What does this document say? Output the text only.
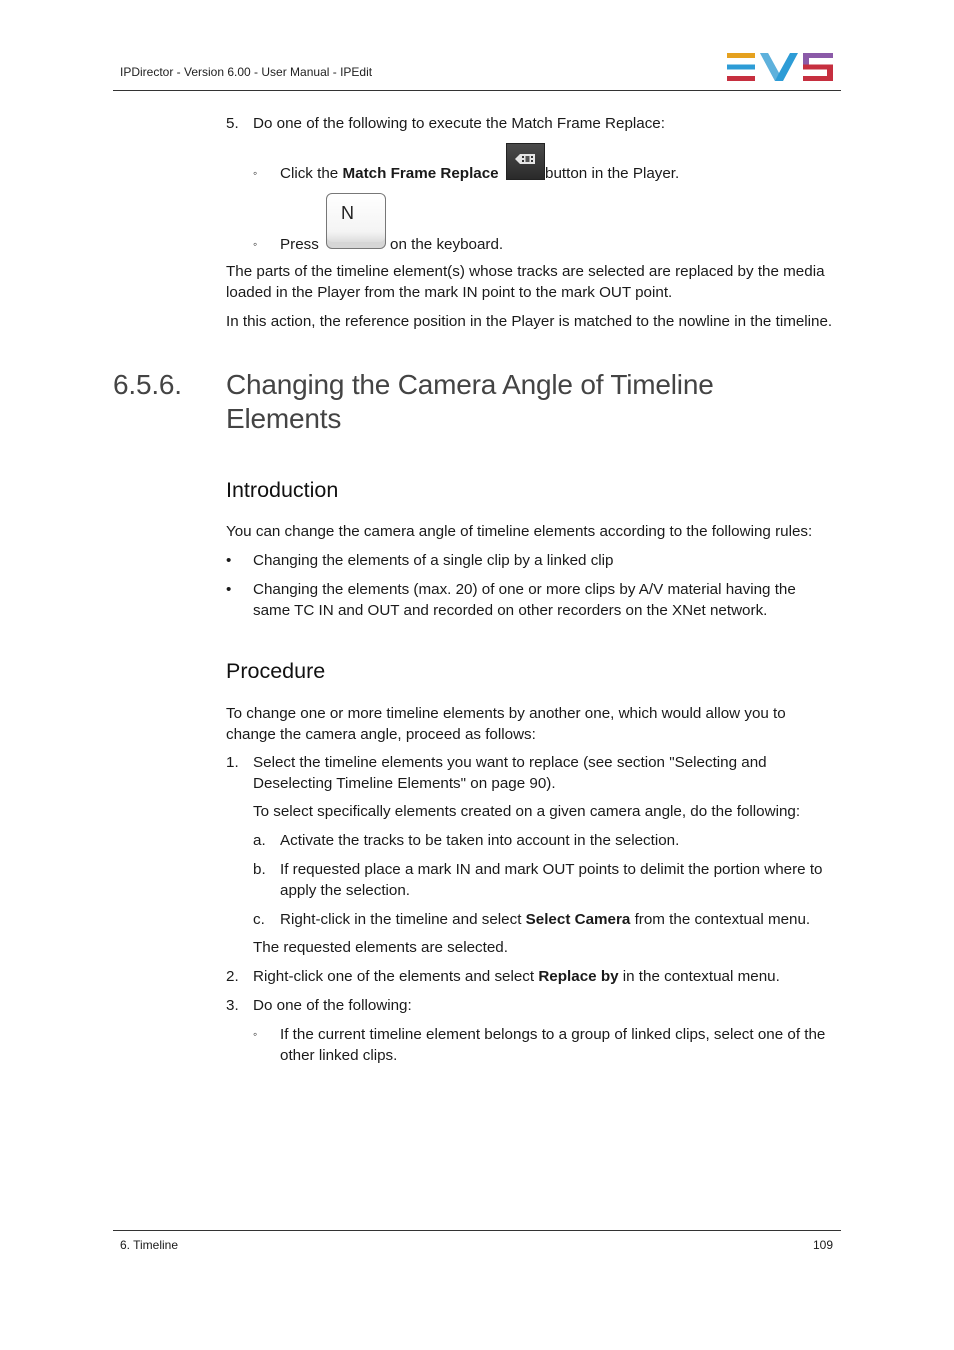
IPDirector - Version 6.00 - User Manual - IPEdit
5. Do one of the following to execute the Match Frame Replace:
◦ Click the Match Frame Replace	button in the Player.
◦ Press
N
on the keyboard.
The parts of the timeline element(s) whose tracks are selected are replaced by the media loaded in the Player from the mark IN point to the mark OUT point.
In this action, the reference position in the Player is matched to the nowline in the timeline.
6.5.6. Changing the Camera Angle of Timeline Elements
Introduction
You can change the camera angle of timeline elements according to the following rules:
• Changing the elements of a single clip by a linked clip
• Changing the elements (max. 20) of one or more clips by A/V material having the same TC IN and OUT and recorded on other recorders on the XNet network.
Procedure
To change one or more timeline elements by another one, which would allow you to change the camera angle, proceed as follows:
1. Select the timeline elements you want to replace (see section "Selecting and Deselecting Timeline Elements" on page 90).
To select specifically elements created on a given camera angle, do the following:
a. Activate the tracks to be taken into account in the selection.
b. If requested place a mark IN and mark OUT points to delimit the portion where to apply the selection.
c. Right-click in the timeline and select Select Camera from the contextual menu.
The requested elements are selected.
2. Right-click one of the elements and select Replace by in the contextual menu.
3. Do one of the following:
◦ If the current timeline element belongs to a group of linked clips, select one of the other linked clips.
6. Timeline	109
